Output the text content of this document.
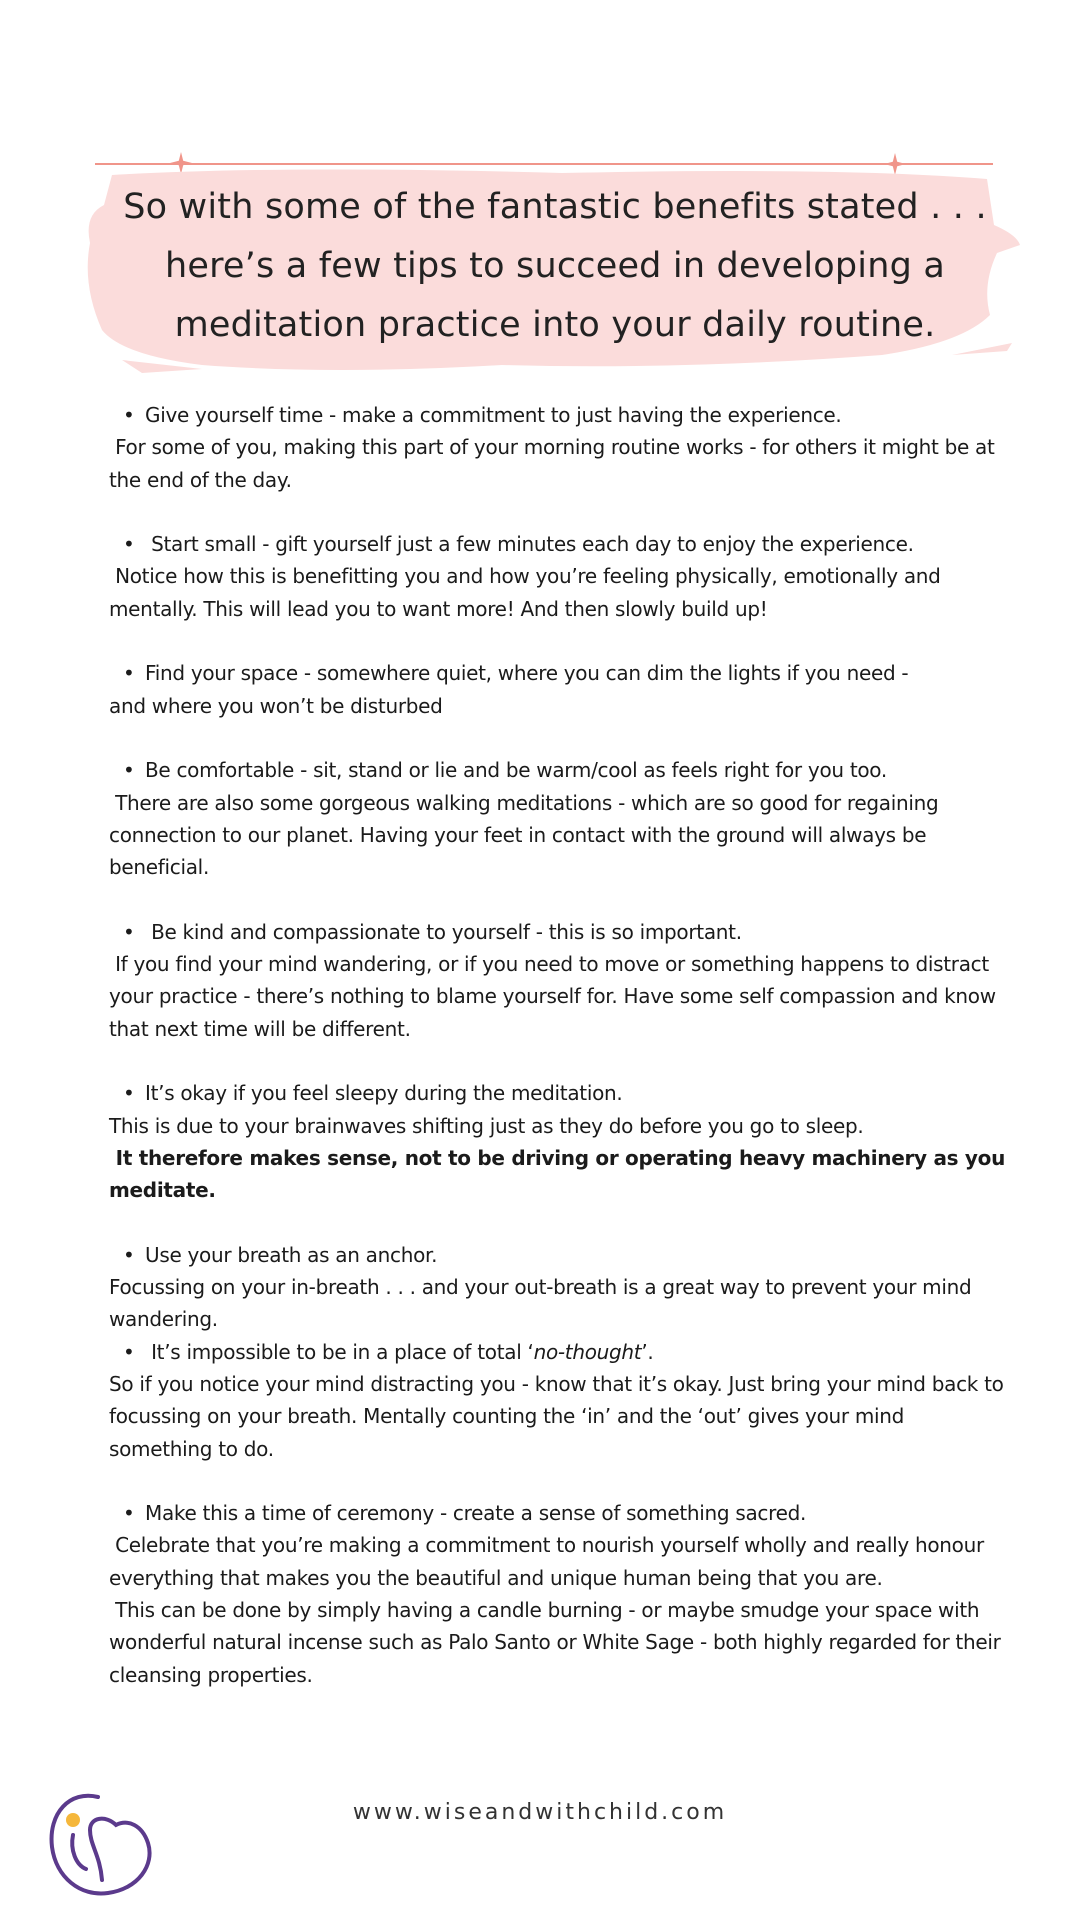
So with some of the fantastic benefits stated . . .
here’s a few tips to succeed in developing a
meditation practice into your daily routine.

• Give yourself time - make a commitment to just having the experience.

For some of you, making this part of your morning routine works - for others it might be at the end of the day.

•  Start small - gift yourself just a few minutes each day to enjoy the experience.

Notice how this is benefitting you and how you’re feeling physically, emotionally and mentally. This will lead you to want more! And then slowly build up!

• Find your space - somewhere quiet, where you can dim the lights if you need -

and where you won’t be disturbed

• Be comfortable - sit, stand or lie and be warm/cool as feels right for you too.

There are also some gorgeous walking meditations - which are so good for regaining connection to our planet. Having your feet in contact with the ground will always be beneficial.

•  Be kind and compassionate to yourself - this is so important.

If you find your mind wandering, or if you need to move or something happens to distract your practice - there’s nothing to blame yourself for. Have some self compassion and know that next time will be different.

• It’s okay if you feel sleepy during the meditation.

This is due to your brainwaves shifting just as they do before you go to sleep.

It therefore makes sense, not to be driving or operating heavy machinery as you meditate.

• Use your breath as an anchor.

Focussing on your in-breath . . . and your out-breath is a great way to prevent your mind wandering.

•  It’s impossible to be in a place of total ‘no-thought’.

So if you notice your mind distracting you - know that it’s okay. Just bring your mind back to focussing on your breath. Mentally counting the ‘in’ and the ‘out’ gives your mind something to do.

• Make this a time of ceremony - create a sense of something sacred.

Celebrate that you’re making a commitment to nourish yourself wholly and really honour everything that makes you the beautiful and unique human being that you are.

This can be done by simply having a candle burning - or maybe smudge your space with wonderful natural incense such as Palo Santo or White Sage - both highly regarded for their cleansing properties.

www.wiseandwithchild.com
